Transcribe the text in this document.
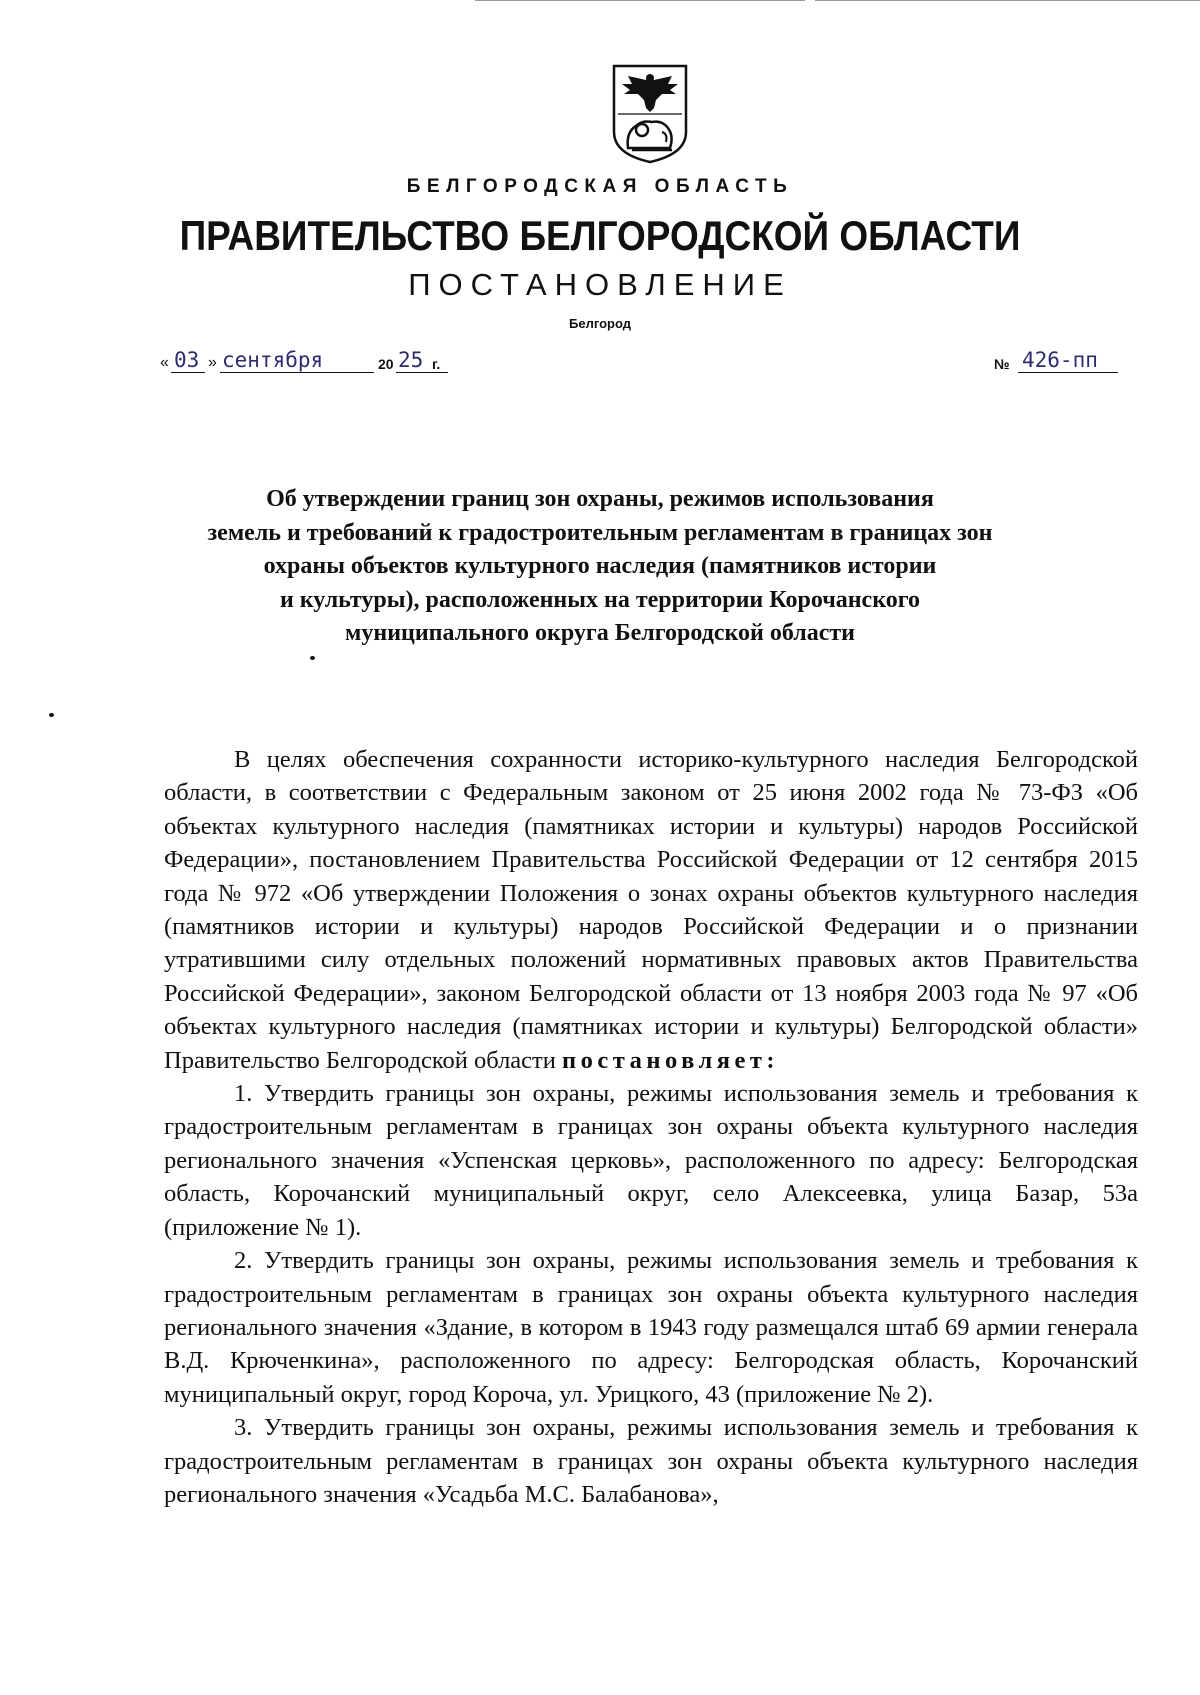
БЕЛГОРОДСКАЯ ОБЛАСТЬ
ПРАВИТЕЛЬСТВО БЕЛГОРОДСКОЙ ОБЛАСТИ
ПОСТАНОВЛЕНИЕ
Белгород
« 03 » сентября	20 25 г.	№ 426-пп
Об утверждении границ зон охраны, режимов использования
земель и требований к градостроительным регламентам в границах зон
охраны объектов культурного наследия (памятников истории
и культуры), расположенных на территории Корочанского
муниципального округа Белгородской области

В целях обеспечения сохранности историко-культурного наследия Белгородской области, в соответствии с Федеральным законом от 25 июня 2002 года № 73-ФЗ «Об объектах культурного наследия (памятниках истории и культуры) народов Российской Федерации», постановлением Правительства Российской Федерации от 12 сентября 2015 года № 972 «Об утверждении Положения о зонах охраны объектов культурного наследия (памятников истории и культуры) народов Российской Федерации и о признании утратившими силу отдельных положений нормативных правовых актов Правительства Российской Федерации», законом Белгородской области от 13 ноября 2003 года № 97 «Об объектах культурного наследия (памятниках истории и культуры) Белгородской области» Правительство Белгородской области постановляет:

1. Утвердить границы зон охраны, режимы использования земель и требования к градостроительным регламентам в границах зон охраны объекта культурного наследия регионального значения «Успенская церковь», расположенного по адресу: Белгородская область, Корочанский муниципальный округ, село Алексеевка, улица Базар, 53а (приложение № 1).

2. Утвердить границы зон охраны, режимы использования земель и требования к градостроительным регламентам в границах зон охраны объекта культурного наследия регионального значения «Здание, в котором в 1943 году размещался штаб 69 армии генерала В.Д. Крюченкина», расположенного по адресу: Белгородская область, Корочанский муниципальный округ, город Короча, ул. Урицкого, 43 (приложение № 2).

3. Утвердить границы зон охраны, режимы использования земель и требования к градостроительным регламентам в границах зон охраны объекта культурного наследия регионального значения «Усадьба М.С. Балабанова»,
